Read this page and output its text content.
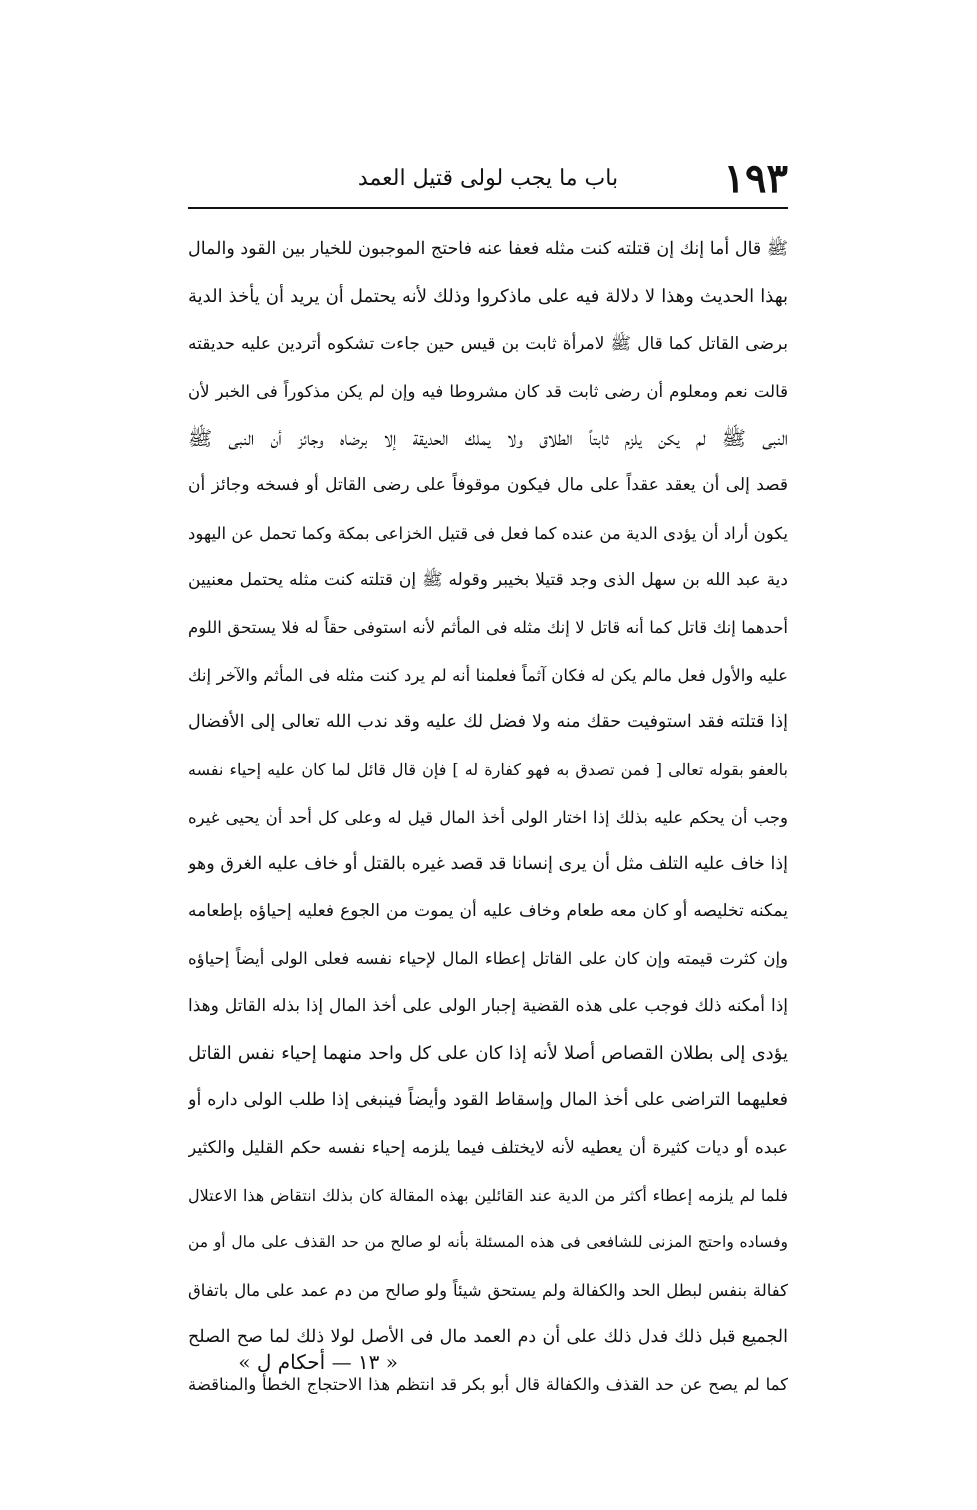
١٩٣
باب ما يجب لولى قتيل العمد
ﷺ قال أما إنك إن قتلته كنت مثله فعفا عنه فاحتج الموجبون للخيار بين القود والمال
بهذا الحديث وهذا لا دلالة فيه على ماذكروا وذلك لأنه يحتمل أن يريد أن يأخذ الدية
برضى القاتل كما قال ﷺ لامرأة ثابت بن قيس حين جاءت تشكوه أتردين عليه حديقته
قالت نعم ومعلوم أن رضى ثابت قد كان مشروطا فيه وإن لم يكن مذكوراً فى الخبر لأن
النبى ﷺ لم يكن يلزم ثابتاً الطلاق ولا يملك الحديقة إلا برضاه وجائز أن النبى ﷺ
قصد إلى أن يعقد عقداً على مال فيكون موقوفاً على رضى القاتل أو فسخه وجائز أن
يكون أراد أن يؤدى الدية من عنده كما فعل فى قتيل الخزاعى بمكة وكما تحمل عن اليهود
دية عبد الله بن سهل الذى وجد قتيلا بخيبر وقوله ﷺ إن قتلته كنت مثله يحتمل معنيين
أحدهما إنك قاتل كما أنه قاتل لا إنك مثله فى المأثم لأنه استوفى حقاً له فلا يستحق اللوم
عليه والأول فعل مالم يكن له فكان آثماً فعلمنا أنه لم يرد كنت مثله فى المأثم والآخر إنك
إذا قتلته فقد استوفيت حقك منه ولا فضل لك عليه وقد ندب الله تعالى إلى الأفضال
بالعفو بقوله تعالى [ فمن تصدق به فهو كفارة له ] فإن قال قائل لما كان عليه إحياء نفسه
وجب أن يحكم عليه بذلك إذا اختار الولى أخذ المال قيل له وعلى كل أحد أن يحيى غيره
إذا خاف عليه التلف مثل أن يرى إنسانا قد قصد غيره بالقتل أو خاف عليه الغرق وهو
يمكنه تخليصه أو كان معه طعام وخاف عليه أن يموت من الجوع فعليه إحياؤه بإطعامه
وإن كثرت قيمته وإن كان على القاتل إعطاء المال لإحياء نفسه فعلى الولى أيضاً إحياؤه
إذا أمكنه ذلك فوجب على هذه القضية إجبار الولى على أخذ المال إذا بذله القاتل وهذا
يؤدى إلى بطلان القصاص أصلا لأنه إذا كان على كل واحد منهما إحياء نفس القاتل
فعليهما التراضى على أخذ المال وإسقاط القود وأيضاً فينبغى إذا طلب الولى داره أو
عبده أو ديات كثيرة أن يعطيه لأنه لايختلف فيما يلزمه إحياء نفسه حكم القليل والكثير
فلما لم يلزمه إعطاء أكثر من الدية عند القائلين بهذه المقالة كان بذلك انتقاض هذا الاعتلال
وفساده واحتج المزنى للشافعى فى هذه المسئلة بأنه لو صالح من حد القذف على مال أو من
كفالة بنفس لبطل الحد والكفالة ولم يستحق شيئاً ولو صالح من دم عمد على مال باتفاق
الجميع قبل ذلك فدل ذلك على أن دم العمد مال فى الأصل لولا ذلك لما صح الصلح
كما لم يصح عن حد القذف والكفالة قال أبو بكر قد انتظم هذا الاحتجاج الخطأ والمناقضة
« ١٣ — أحكام ل »
